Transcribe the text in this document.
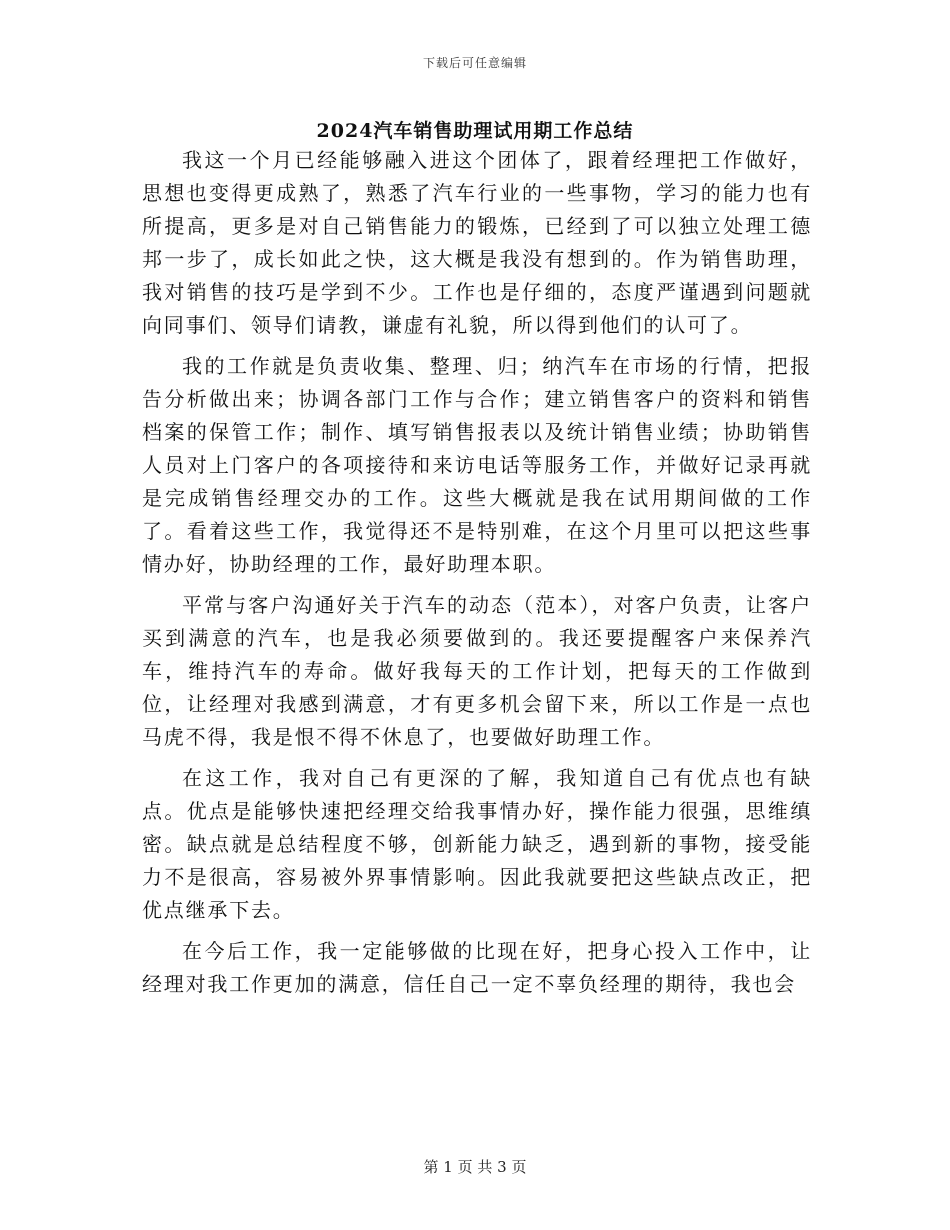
下载后可任意编辑
2024汽车销售助理试用期工作总结

我这一个月已经能够融入进这个团体了，跟着经理把工作做好，思想也变得更成熟了，熟悉了汽车行业的一些事物，学习的能力也有所提高，更多是对自己销售能力的锻炼，已经到了可以独立处理工德邦一步了，成长如此之快，这大概是我没有想到的。作为销售助理，我对销售的技巧是学到不少。工作也是仔细的，态度严谨遇到问题就向同事们、领导们请教，谦虚有礼貌，所以得到他们的认可了。

我的工作就是负责收集、整理、归；纳汽车在市场的行情，把报告分析做出来；协调各部门工作与合作；建立销售客户的资料和销售档案的保管工作；制作、填写销售报表以及统计销售业绩；协助销售人员对上门客户的各项接待和来访电话等服务工作，并做好记录再就是完成销售经理交办的工作。这些大概就是我在试用期间做的工作了。看着这些工作，我觉得还不是特别难，在这个月里可以把这些事情办好，协助经理的工作，最好助理本职。

平常与客户沟通好关于汽车的动态（范本），对客户负责，让客户买到满意的汽车，也是我必须要做到的。我还要提醒客户来保养汽车，维持汽车的寿命。做好我每天的工作计划，把每天的工作做到位，让经理对我感到满意，才有更多机会留下来，所以工作是一点也马虎不得，我是恨不得不休息了，也要做好助理工作。

在这工作，我对自己有更深的了解，我知道自己有优点也有缺点。优点是能够快速把经理交给我事情办好，操作能力很强，思维缜密。缺点就是总结程度不够，创新能力缺乏，遇到新的事物，接受能力不是很高，容易被外界事情影响。因此我就要把这些缺点改正，把优点继承下去。

在今后工作，我一定能够做的比现在好，把身心投入工作中，让经理对我工作更加的满意，信任自己一定不辜负经理的期待，我也会

第 1 页 共 3 页
